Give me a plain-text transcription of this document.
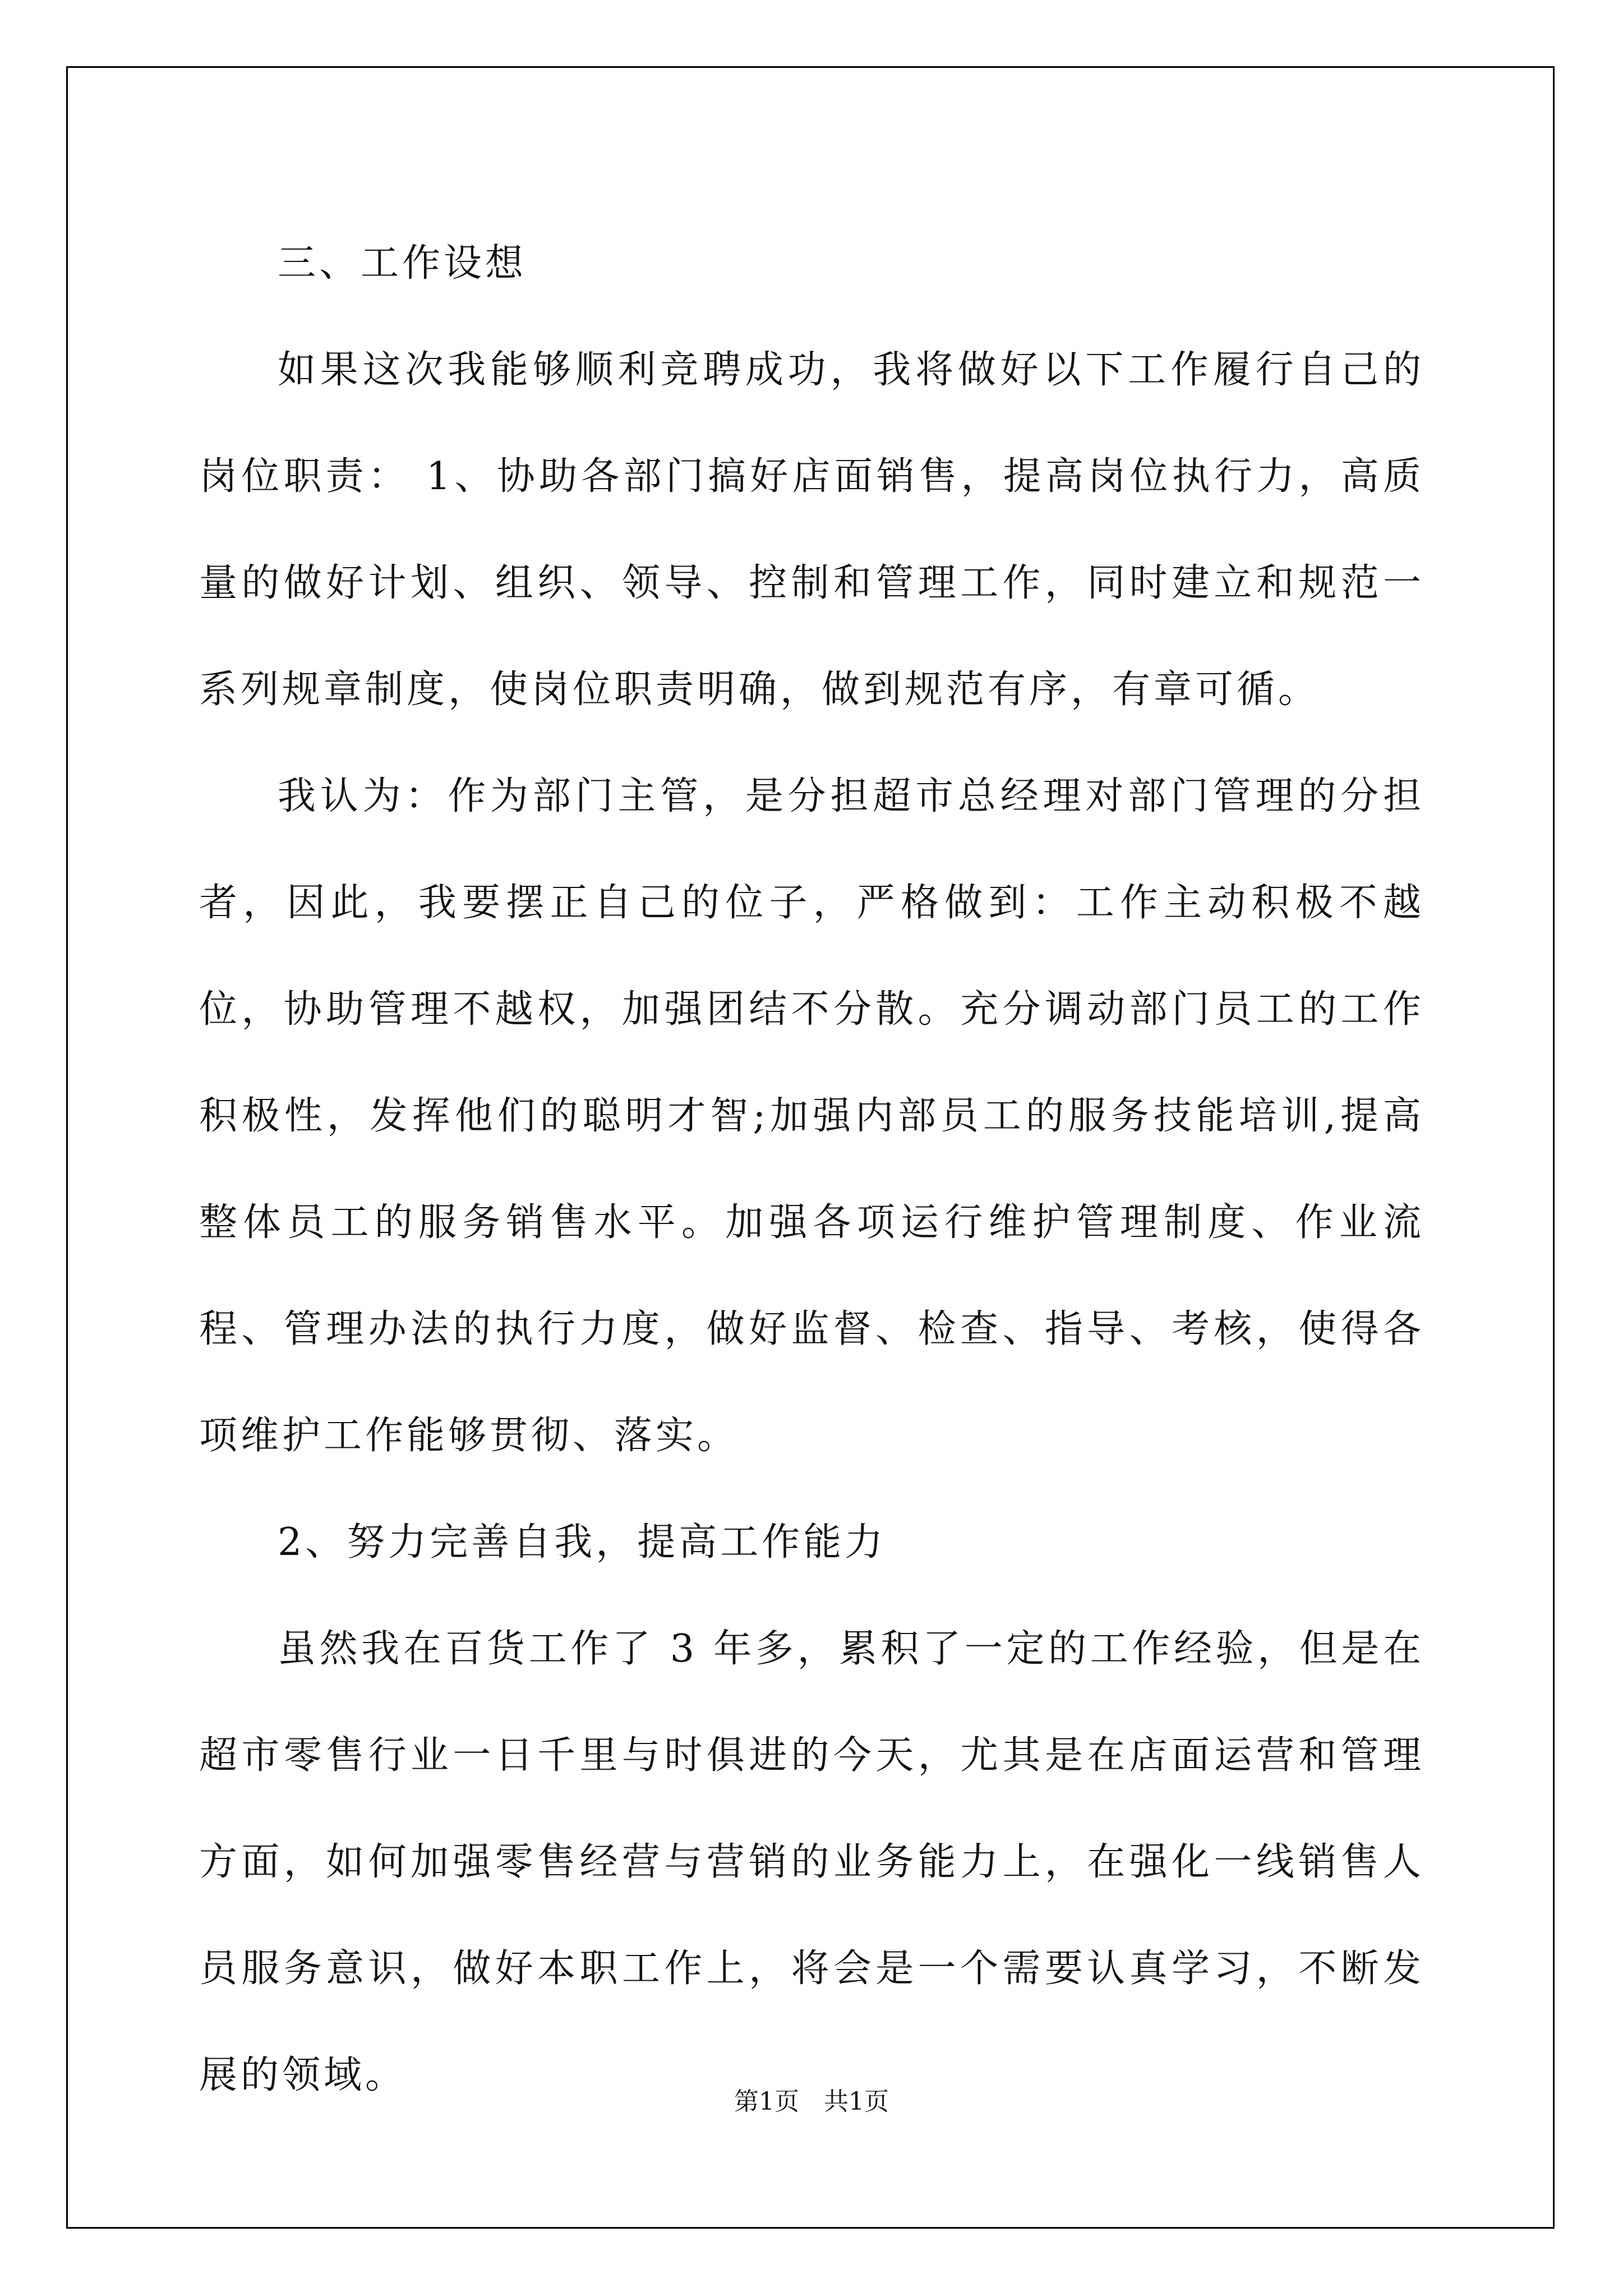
三、工作设想

如果这次我能够顺利竞聘成功，我将做好以下工作履行自己的岗位职责： 1、协助各部门搞好店面销售，提高岗位执行力，高质量的做好计划、组织、领导、控制和管理工作，同时建立和规范一系列规章制度，使岗位职责明确，做到规范有序，有章可循。

我认为：作为部门主管，是分担超市总经理对部门管理的分担者，因此，我要摆正自己的位子，严格做到：工作主动积极不越位，协助管理不越权，加强团结不分散。充分调动部门员工的工作积极性，发挥他们的聪明才智;加强内部员工的服务技能培训,提高整体员工的服务销售水平。加强各项运行维护管理制度、作业流程、管理办法的执行力度，做好监督、检查、指导、考核，使得各项维护工作能够贯彻、落实。

2、努力完善自我，提高工作能力

虽然我在百货工作了 3 年多，累积了一定的工作经验，但是在超市零售行业一日千里与时俱进的今天，尤其是在店面运营和管理方面，如何加强零售经营与营销的业务能力上，在强化一线销售人员服务意识，做好本职工作上，将会是一个需要认真学习，不断发展的领域。

第1页　共1页
